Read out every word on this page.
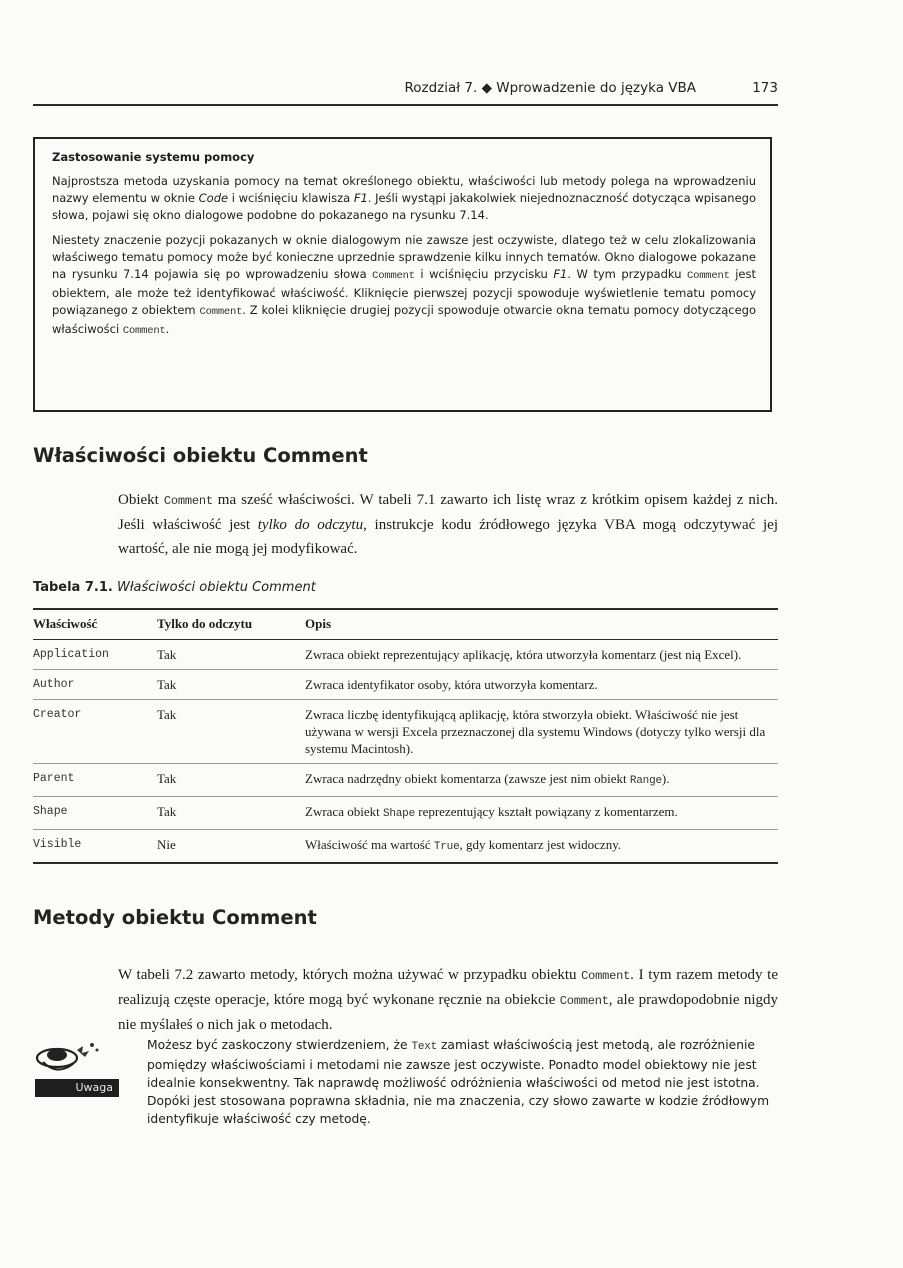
Rozdział 7. ◆ Wprowadzenie do języka VBA	173
Zastosowanie systemu pomocy

Najprostsza metoda uzyskania pomocy na temat określonego obiektu, właściwości lub metody polega na wprowadzeniu nazwy elementu w oknie Code i wciśnięciu klawisza F1. Jeśli wystąpi jakakolwiek niejednoznaczność dotycząca wpisanego słowa, pojawi się okno dialogowe podobne do pokazanego na rysunku 7.14.

Niestety znaczenie pozycji pokazanych w oknie dialogowym nie zawsze jest oczywiste, dlatego też w celu zlokalizowania właściwego tematu pomocy może być konieczne uprzednie sprawdzenie kilku innych tematów. Okno dialogowe pokazane na rysunku 7.14 pojawia się po wprowadzeniu słowa Comment i wciśnięciu przycisku F1. W tym przypadku Comment jest obiektem, ale może też identyfikować właściwość. Kliknięcie pierwszej pozycji spowoduje wyświetlenie tematu pomocy powiązanego z obiektem Comment. Z kolei kliknięcie drugiej pozycji spowoduje otwarcie okna tematu pomocy dotyczącego właściwości Comment.

Właściwości obiektu Comment

Obiekt Comment ma sześć właściwości. W tabeli 7.1 zawarto ich listę wraz z krótkim opisem każdej z nich. Jeśli właściwość jest tylko do odczytu, instrukcje kodu źródłowego języka VBA mogą odczytywać jej wartość, ale nie mogą jej modyfikować.

Tabela 7.1. Właściwości obiektu Comment
Właściwość	Tylko do odczytu	Opis
Application	Tak	Zwraca obiekt reprezentujący aplikację, która utworzyła komentarz (jest nią Excel).
Author	Tak	Zwraca identyfikator osoby, która utworzyła komentarz.
Creator	Tak	Zwraca liczbę identyfikującą aplikację, która stworzyła obiekt. Właściwość nie jest używana w wersji Excela przeznaczonej dla systemu Windows (dotyczy tylko wersji dla systemu Macintosh).
Parent	Tak	Zwraca nadrzędny obiekt komentarza (zawsze jest nim obiekt Range).
Shape	Tak	Zwraca obiekt Shape reprezentujący kształt powiązany z komentarzem.
Visible	Nie	Właściwość ma wartość True, gdy komentarz jest widoczny.
Metody obiektu Comment

W tabeli 7.2 zawarto metody, których można używać w przypadku obiektu Comment. I tym razem metody te realizują częste operacje, które mogą być wykonane ręcznie na obiekcie Comment, ale prawdopodobnie nigdy nie myślałeś o nich jak o metodach.

Uwaga

Możesz być zaskoczony stwierdzeniem, że Text zamiast właściwością jest metodą, ale rozróżnienie pomiędzy właściwościami i metodami nie zawsze jest oczywiste. Ponadto model obiektowy nie jest idealnie konsekwentny. Tak naprawdę możliwość odróżnienia właściwości od metod nie jest istotna. Dopóki jest stosowana poprawna składnia, nie ma znaczenia, czy słowo zawarte w kodzie źródłowym identyfikuje właściwość czy metodę.
